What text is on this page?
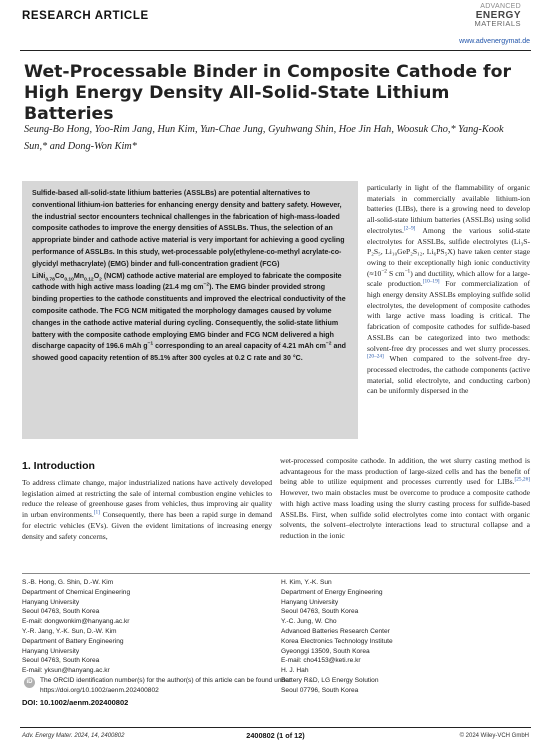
RESEARCH ARTICLE
ADVANCED
ENERGY
MATERIALS
www.advenergymat.de
Wet-Processable Binder in Composite Cathode for High Energy Density All-Solid-State Lithium Batteries
Seung-Bo Hong, Yoo-Rim Jang, Hun Kim, Yun-Chae Jung, Gyuhwang Shin, Hoe Jin Hah, Woosuk Cho,* Yang-Kook Sun,* and Dong-Won Kim*
Sulfide-based all-solid-state lithium batteries (ASSLBs) are potential alternatives to conventional lithium-ion batteries for enhancing energy density and battery safety. However, the industrial sector encounters technical challenges in the fabrication of high-mass-loaded composite cathodes to improve the energy densities of ASSLBs. Thus, the selection of an appropriate binder and cathode active material is very important for achieving a good cycling performance of ASSLBs. In this study, wet-processable poly(ethylene-co-methyl acrylate-co-glycidyl methacrylate) (EMG) binder and full-concentration gradient (FCG) $LiNi_{0.78}Co_{0.10}Mn_{0.12}O_2$ (NCM) cathode active material are employed to fabricate the composite cathode with high active mass loading (21.4 mg $cm^{-2}$). The EMG binder provided strong binding properties to the cathode constituents and improved the electrical conductivity of the composite cathode. The FCG NCM mitigated the morphology damages caused by volume changes in the cathode active material during cycling. Consequently, the solid-state lithium battery with the composite cathode employing EMG binder and FCG NCM delivered a high discharge capacity of 196.6 mAh $g^{-1}$ corresponding to an areal capacity of 4.21 mAh $cm^{-2}$ and showed good capacity retention of 85.1% after 300 cycles at 0.2 C rate and 30 °C.
particularly in light of the flammability of organic materials in commercially available lithium-ion batteries (LIBs), there is a growing need to develop all-solid-state lithium batteries (ASSLBs) using solid electrolytes.[2–9] Among the various solid-state electrolytes for ASSLBs, sulfide electrolytes (Li₃S-P₂S₅, Li₁₀GeP₂S₁₂, Li₆PS₅X) have taken center stage owing to their exceptionally high ionic conductivity ($\approx 10^{-2}$ S $cm^{-1}$) and ductility, which allow for a large-scale production.[10–19] For commercialization of high energy density ASSLBs employing sulfide solid electrolytes, the development of composite cathodes with large active mass loading is critical. The fabrication of composite cathodes for sulfide-based ASSLBs can be categorized into two methods: solvent-free dry processes and wet slurry processes.[20–24] When compared to the solvent-free dry-processed electrodes, the cathode components (active material, solid electrolyte, and conducting carbon) can be uniformly dispersed in the
1. Introduction
To address climate change, major industrialized nations have actively developed legislation aimed at restricting the sale of internal combustion engine vehicles to reduce the release of greenhouse gases from vehicles, thus improving air quality in urban environments.[1] Consequently, there has been a rapid surge in demand for electric vehicles (EVs). Given the evident limitations of increasing energy density and safety concerns,
wet-processed composite cathode. In addition, the wet slurry casting method is advantageous for the mass production of large-sized cells and has the benefit of being able to utilize equipment and processes currently used for LIBs.[25,26] However, two main obstacles must be overcome to produce a composite cathode with high active mass loading using the slurry casting process for sulfide-based ASSLBs. First, when sulfide solid electrolytes come into contact with organic solvents, the solvent–electrolyte interactions lead to structural collapse and a reduction in the ionic
S.-B. Hong, G. Shin, D.-W. Kim
Department of Chemical Engineering
Hanyang University
Seoul 04763, South Korea
E-mail: dongwonkim@hanyang.ac.kr
Y.-R. Jang, Y.-K. Sun, D.-W. Kim
Department of Battery Engineering
Hanyang University
Seoul 04763, South Korea
E-mail: yksun@hanyang.ac.kr
H. Kim, Y.-K. Sun
Department of Energy Engineering
Hanyang University
Seoul 04763, South Korea
Y.-C. Jung, W. Cho
Advanced Batteries Research Center
Korea Electronics Technology Institute
Gyeonggi 13509, South Korea
E-mail: cho4153@keti.re.kr
H. J. Hah
Battery R&D, LG Energy Solution
Seoul 07796, South Korea
iD	The ORCID identification number(s) for the author(s) of this article can be found under https://doi.org/10.1002/aenm.202400802
DOI: 10.1002/aenm.202400802
Adv. Energy Mater. 2024, 14, 2400802	2400802 (1 of 12)	© 2024 Wiley-VCH GmbH
